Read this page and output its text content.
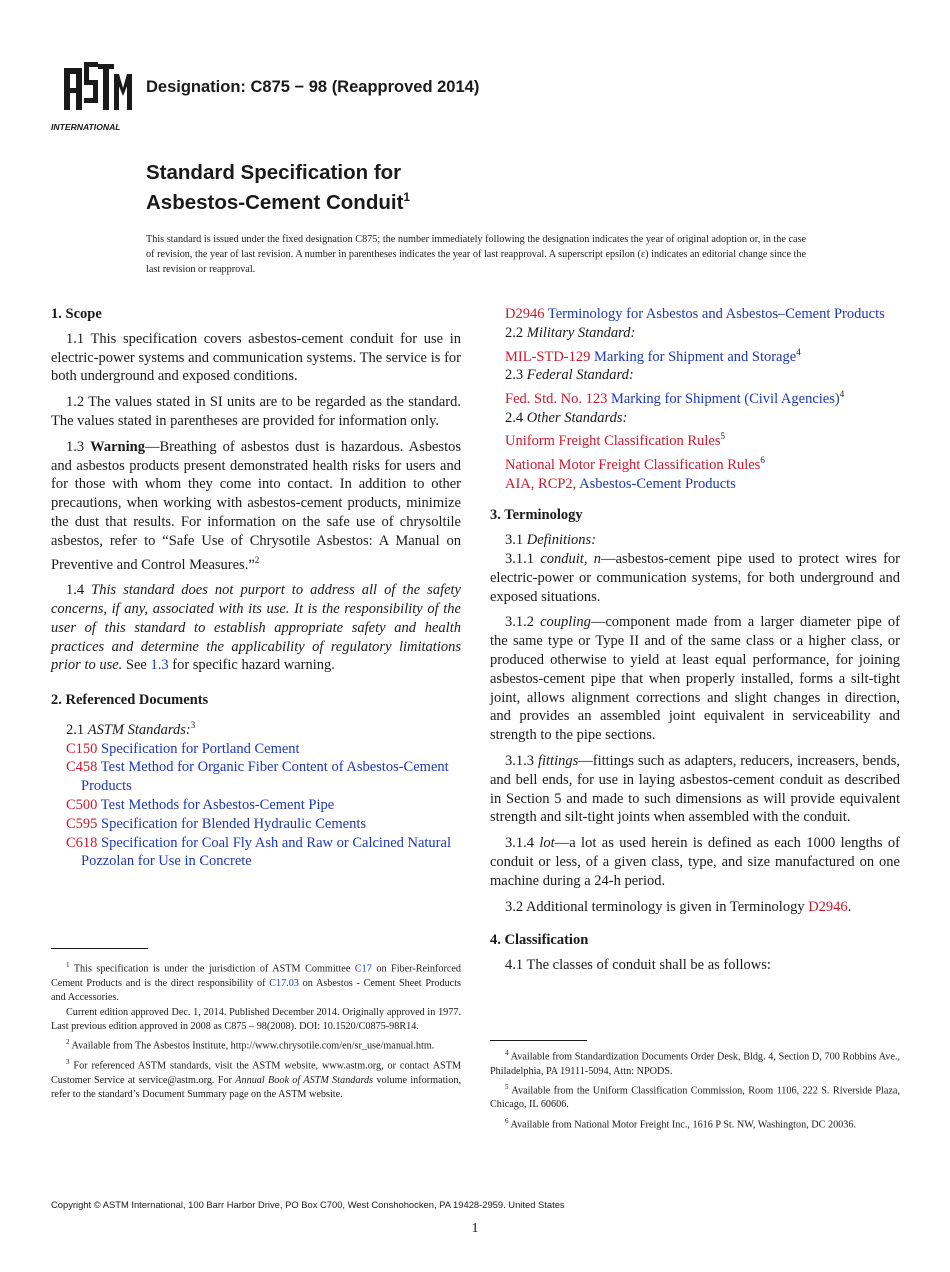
INTERNATIONAL
Designation: C875 − 98 (Reapproved 2014)
Standard Specification for
Asbestos-Cement Conduit$^1$
This standard is issued under the fixed designation C875; the number immediately following the designation indicates the year of original adoption or, in the case of revision, the year of last revision. A number in parentheses indicates the year of last reapproval. A superscript epsilon (ε) indicates an editorial change since the last revision or reapproval.

1. Scope

1.1 This specification covers asbestos-cement conduit for use in electric-power systems and communication systems. The service is for both underground and exposed conditions.

1.2 The values stated in SI units are to be regarded as the standard. The values stated in parentheses are provided for information only.

1.3 Warning—Breathing of asbestos dust is hazardous. Asbestos and asbestos products present demonstrated health risks for users and for those with whom they come into contact. In addition to other precautions, when working with asbestos-cement products, minimize the dust that results. For information on the safe use of chrysoltile asbestos, refer to “Safe Use of Chrysotile Asbestos: A Manual on Preventive and Control Measures.”$^2$

1.4 This standard does not purport to address all of the safety concerns, if any, associated with its use. It is the responsibility of the user of this standard to establish appropriate safety and health practices and determine the applicability of regulatory limitations prior to use. See 1.3 for specific hazard warning.

2. Referenced Documents

2.1 ASTM Standards:$^3$

C150 Specification for Portland Cement

C458 Test Method for Organic Fiber Content of Asbestos-Cement Products

C500 Test Methods for Asbestos-Cement Pipe

C595 Specification for Blended Hydraulic Cements

C618 Specification for Coal Fly Ash and Raw or Calcined Natural Pozzolan for Use in Concrete

D2946 Terminology for Asbestos and Asbestos–Cement Products

2.2 Military Standard:

MIL-STD-129 Marking for Shipment and Storage$^4$

2.3 Federal Standard:

Fed. Std. No. 123 Marking for Shipment (Civil Agencies)$^4$

2.4 Other Standards:

Uniform Freight Classification Rules$^5$

National Motor Freight Classification Rules$^6$

AIA, RCP2, Asbestos-Cement Products

3. Terminology

3.1 Definitions:

3.1.1 conduit, n—asbestos-cement pipe used to protect wires for electric-power or communication systems, for both underground and exposed situations.

3.1.2 coupling—component made from a larger diameter pipe of the same type or Type II and of the same class or a higher class, or produced otherwise to yield at least equal performance, for joining asbestos-cement pipe that when properly installed, forms a silt-tight joint, allows alignment corrections and slight changes in direction, and provides an assembled joint equivalent in serviceability and strength to the pipe sections.

3.1.3 fittings—fittings such as adapters, reducers, increasers, bends, and bell ends, for use in laying asbestos-cement conduit as described in Section 5 and made to such dimensions as will provide equivalent strength and silt-tight joints when assembled with the conduit.

3.1.4 lot—a lot as used herein is defined as each 1000 lengths of conduit or less, of a given class, type, and size manufactured on one machine during a 24-h period.

3.2 Additional terminology is given in Terminology D2946.

4. Classification

4.1 The classes of conduit shall be as follows:

$^1$ This specification is under the jurisdiction of ASTM Committee C17 on Fiber-Reinforced Cement Products and is the direct responsibility of C17.03 on Asbestos - Cement Sheet Products and Accessories.

Current edition approved Dec. 1, 2014. Published December 2014. Originally approved in 1977. Last previous edition approved in 2008 as C875 – 98(2008). DOI: 10.1520/C0875-98R14.

$^2$ Available from The Asbestos Institute, http://www.chrysotile.com/en/sr_use/manual.htm.

$^3$ For referenced ASTM standards, visit the ASTM website, www.astm.org, or contact ASTM Customer Service at service@astm.org. For Annual Book of ASTM Standards volume information, refer to the standard’s Document Summary page on the ASTM website.

$^4$ Available from Standardization Documents Order Desk, Bldg. 4, Section D, 700 Robbins Ave., Philadelphia, PA 19111-5094, Attn: NPODS.

$^5$ Available from the Uniform Classification Commission, Room 1106, 222 S. Riverside Plaza, Chicago, IL 60606.

$^6$ Available from National Motor Freight Inc., 1616 P St. NW, Washington, DC 20036.

Copyright © ASTM International, 100 Barr Harbor Drive, PO Box C700, West Conshohocken, PA 19428-2959. United States
1
